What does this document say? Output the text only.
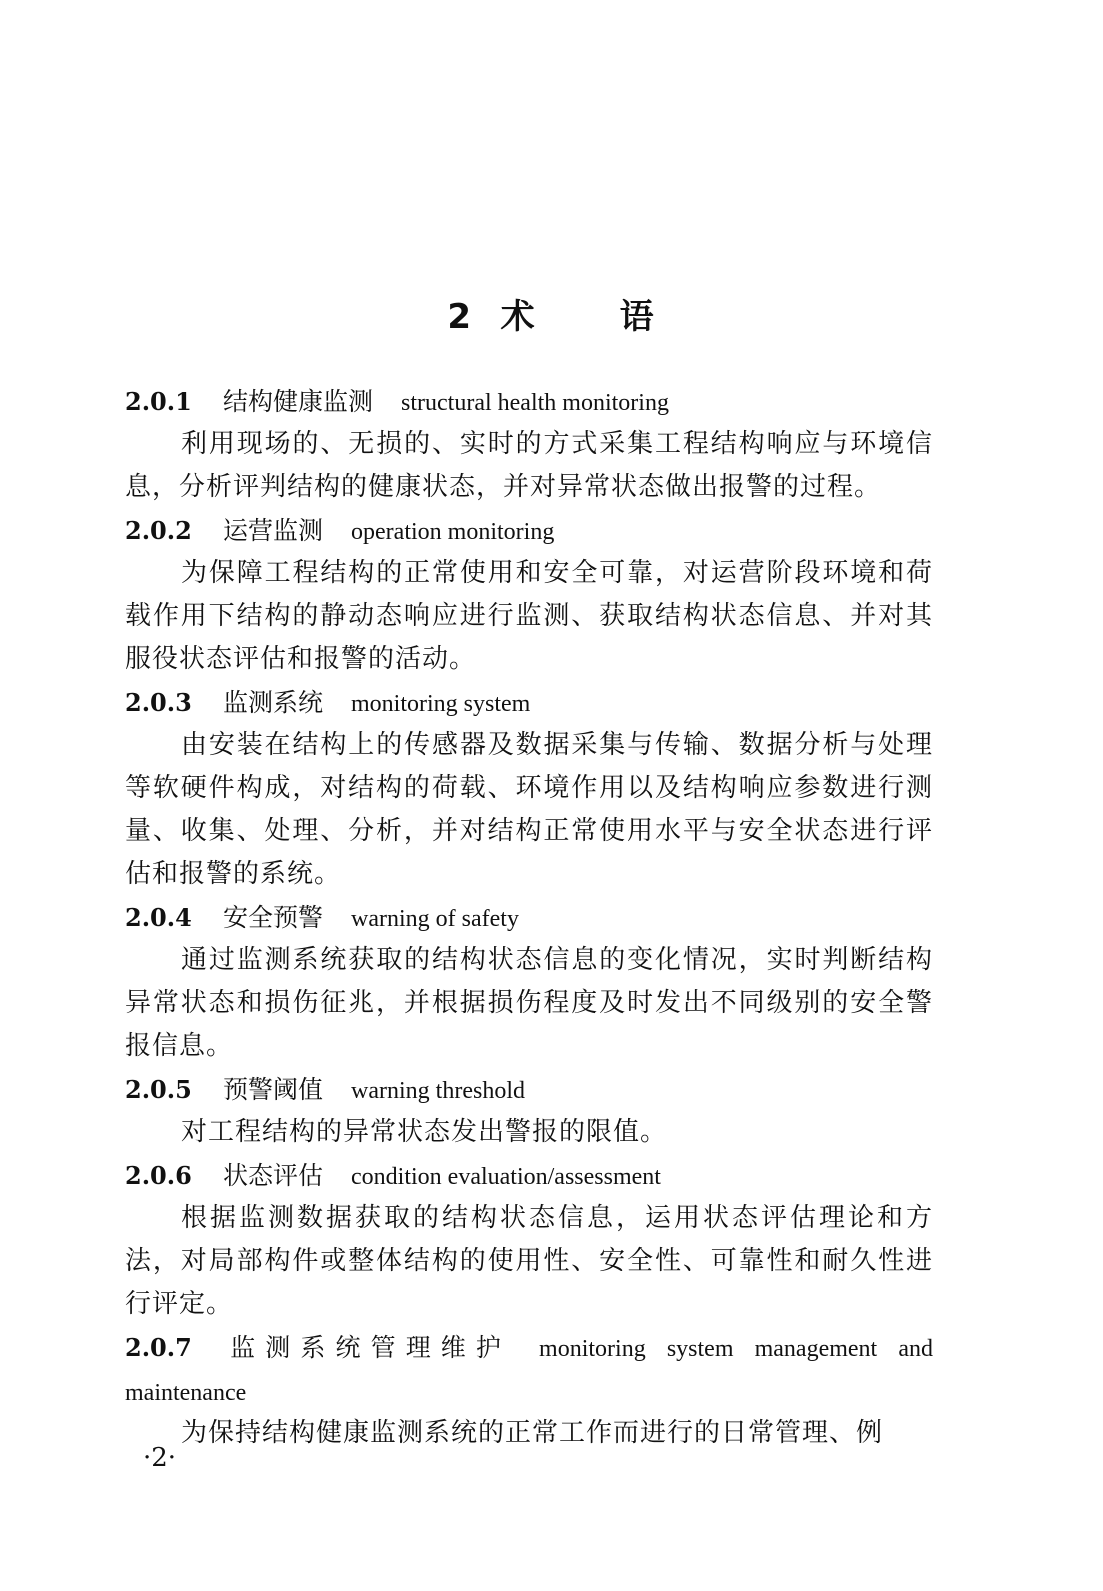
2  术      语
2.0.1 结构健康监测 structural health monitoring

利用现场的、无损的、实时的方式采集工程结构响应与环境信息，分析评判结构的健康状态，并对异常状态做出报警的过程。

2.0.2 运营监测 operation monitoring

为保障工程结构的正常使用和安全可靠，对运营阶段环境和荷载作用下结构的静动态响应进行监测、获取结构状态信息、并对其服役状态评估和报警的活动。

2.0.3 监测系统 monitoring system

由安装在结构上的传感器及数据采集与传输、数据分析与处理等软硬件构成，对结构的荷载、环境作用以及结构响应参数进行测量、收集、处理、分析，并对结构正常使用水平与安全状态进行评估和报警的系统。

2.0.4 安全预警 warning of safety

通过监测系统获取的结构状态信息的变化情况，实时判断结构异常状态和损伤征兆，并根据损伤程度及时发出不同级别的安全警报信息。

2.0.5 预警阈值 warning threshold

对工程结构的异常状态发出警报的限值。

2.0.6 状态评估 condition evaluation/assessment

根据监测数据获取的结构状态信息，运用状态评估理论和方法，对局部构件或整体结构的使用性、安全性、可靠性和耐久性进行评定。

2.0.7 监测系统管理维护 monitoring system management and maintenance

为保持结构健康监测系统的正常工作而进行的日常管理、例

·2·
